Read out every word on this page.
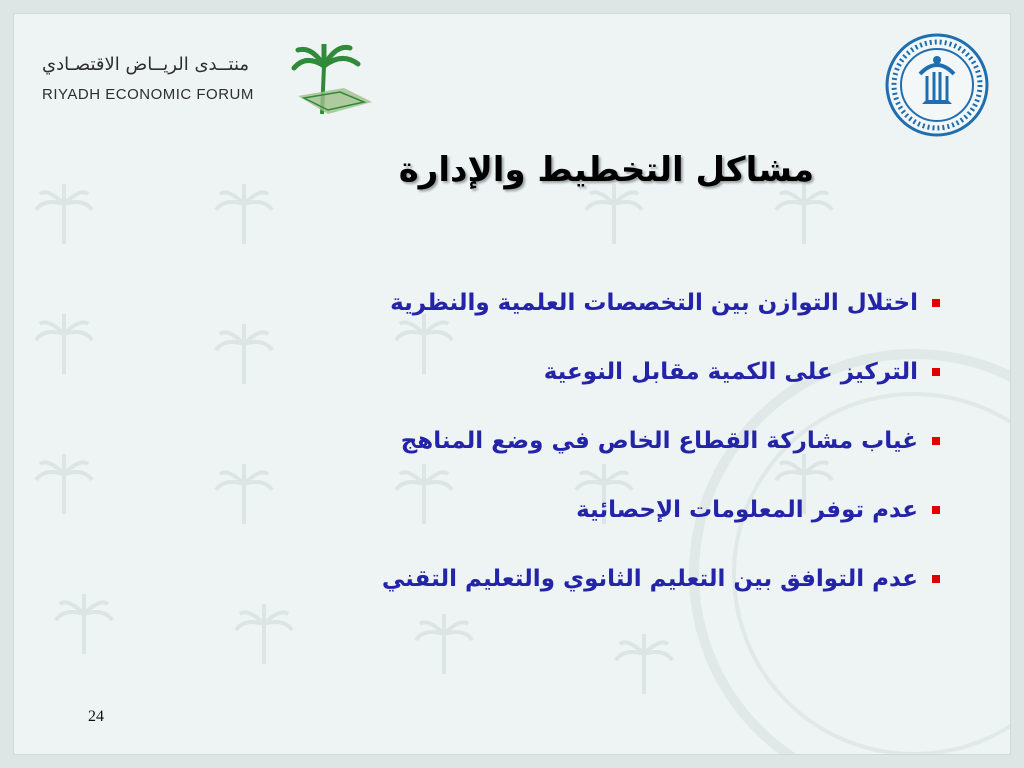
منتــدى الريــاض الاقتصـادي
RIYADH ECONOMIC FORUM
مشاكل التخطيط والإدارة
اختلال التوازن بين التخصصات العلمية والنظرية
التركيز على الكمية مقابل النوعية
غياب مشاركة القطاع الخاص في وضع المناهج
عدم توفر المعلومات الإحصائية
عدم التوافق بين التعليم الثانوي والتعليم التقني
24
